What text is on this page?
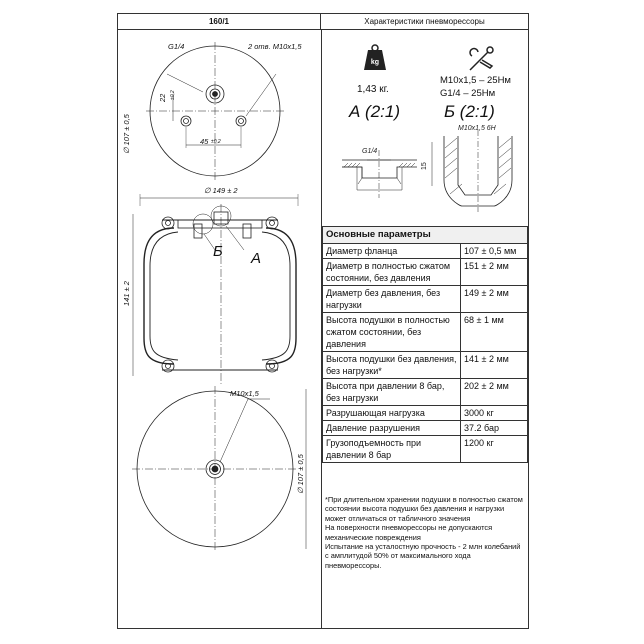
160/1	Характеристики пневморессоры
G1/4	2 отв. M10x1,5
22 ±0,2
45 ±0,2
∅ 107 ± 0,5
∅ 149 ± 2
141 ± 2
Б А
M10x1,5
∅ 107 ± 0,5
kg
G1/4
M10x1,5 6H
15
1,43 кг.
M10x1,5 – 25Нм
G1/4 – 25Нм
А (2:1)	Б (2:1)
Основные параметры	
Диаметр фланца	107 ± 0,5 мм
Диаметр в полностью сжатом состоянии, без давления	151 ± 2 мм
Диаметр без давления, без нагрузки	149 ± 2 мм
Высота подушки в полностью сжатом состоянии, без давления	68 ± 1 мм
Высота подушки без давления, без нагрузки*	141 ± 2 мм
Высота при давлении 8 бар, без нагрузки	202 ± 2 мм
Разрушающая нагрузка	3000 кг
Давление разрушения	37.2 бар
Грузоподъемность при давлении 8 бар	1200 кг

*При длительном хранении подушки в полностью сжатом состоянии высота подушки без давления и нагрузки может отличаться от табличного значения

На поверхности пневморессоры не допускаются механические повреждения

Испытание на усталостную прочность - 2 млн колебаний с амплитудой 50% от максимального хода пневморессоры.
